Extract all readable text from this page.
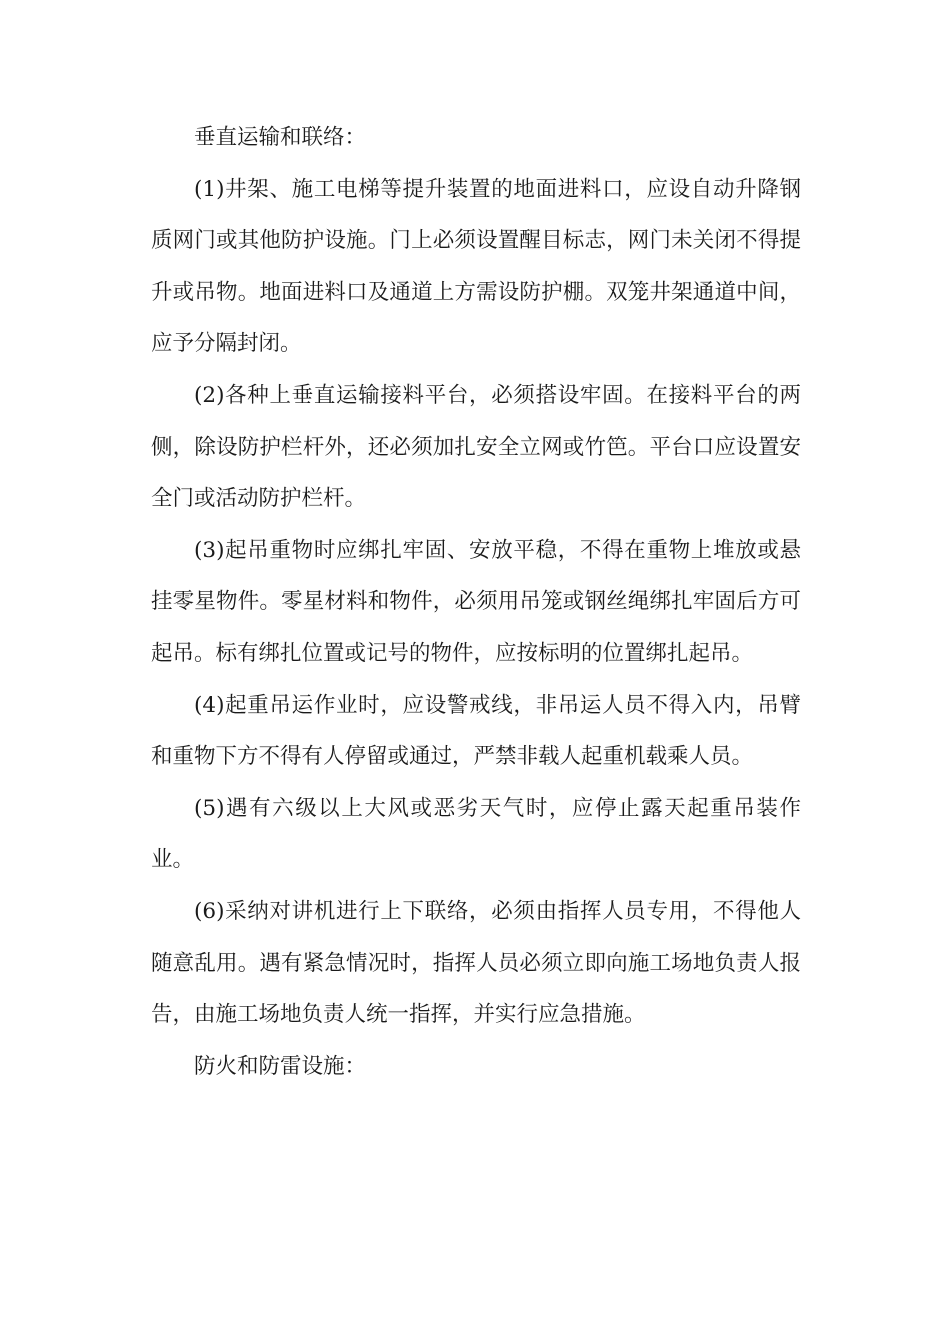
垂直运输和联络：

(1)井架、施工电梯等提升装置的地面进料口，应设自动升降钢质网门或其他防护设施。门上必须设置醒目标志，网门未关闭不得提升或吊物。地面进料口及通道上方需设防护棚。双笼井架通道中间，应予分隔封闭。

(2)各种上垂直运输接料平台，必须搭设牢固。在接料平台的两侧，除设防护栏杆外，还必须加扎安全立网或竹笆。平台口应设置安全门或活动防护栏杆。

(3)起吊重物时应绑扎牢固、安放平稳，不得在重物上堆放或悬挂零星物件。零星材料和物件，必须用吊笼或钢丝绳绑扎牢固后方可起吊。标有绑扎位置或记号的物件，应按标明的位置绑扎起吊。

(4)起重吊运作业时，应设警戒线，非吊运人员不得入内，吊臂和重物下方不得有人停留或通过，严禁非载人起重机载乘人员。

(5)遇有六级以上大风或恶劣天气时，应停止露天起重吊装作业。

(6)采纳对讲机进行上下联络，必须由指挥人员专用，不得他人随意乱用。遇有紧急情况时，指挥人员必须立即向施工场地负责人报告，由施工场地负责人统一指挥，并实行应急措施。

防火和防雷设施：
